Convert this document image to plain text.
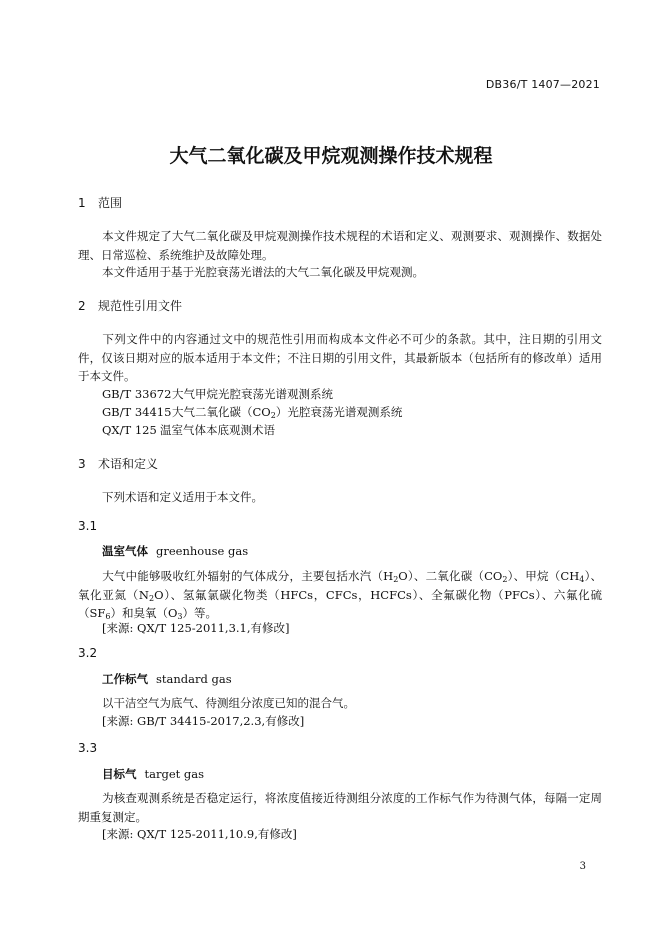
DB36/T 1407—2021
大气二氧化碳及甲烷观测操作技术规程
1 范围
本文件规定了大气二氧化碳及甲烷观测操作技术规程的术语和定义、观测要求、观测操作、数据处理、日常巡检、系统维护及故障处理。
本文件适用于基于光腔衰荡光谱法的大气二氧化碳及甲烷观测。
2 规范性引用文件
下列文件中的内容通过文中的规范性引用而构成本文件必不可少的条款。其中，注日期的引用文件，仅该日期对应的版本适用于本文件；不注日期的引用文件，其最新版本（包括所有的修改单）适用于本文件。
GB/T 33672大气甲烷光腔衰荡光谱观测系统
GB/T 34415大气二氧化碳$(CO_2)$光腔衰荡光谱观测系统
QX/T 125 温室气体本底观测术语
3 术语和定义
下列术语和定义适用于本文件。
3.1
温室气体 greenhouse gas
大气中能够吸收红外辐射的气体成分，主要包括水汽$(H_2O)$、二氧化碳$(CO_2)$、甲烷$(CH_4)$、氧化亚氮$(N_2O)$、氢氟氯碳化物类（HFCs，CFCs，HCFCs）、全氟碳化物（PFCs）、六氟化硫$(SF_6)$和臭氧$(O_3)$等。
[来源: QX/T 125-2011,3.1,有修改]
3.2
工作标气 standard gas
以干洁空气为底气、待测组分浓度已知的混合气。
[来源: GB/T 34415-2017,2.3,有修改]
3.3
目标气 target gas
为核查观测系统是否稳定运行，将浓度值接近待测组分浓度的工作标气作为待测气体，每隔一定周期重复测定。
[来源: QX/T 125-2011,10.9,有修改]
3
